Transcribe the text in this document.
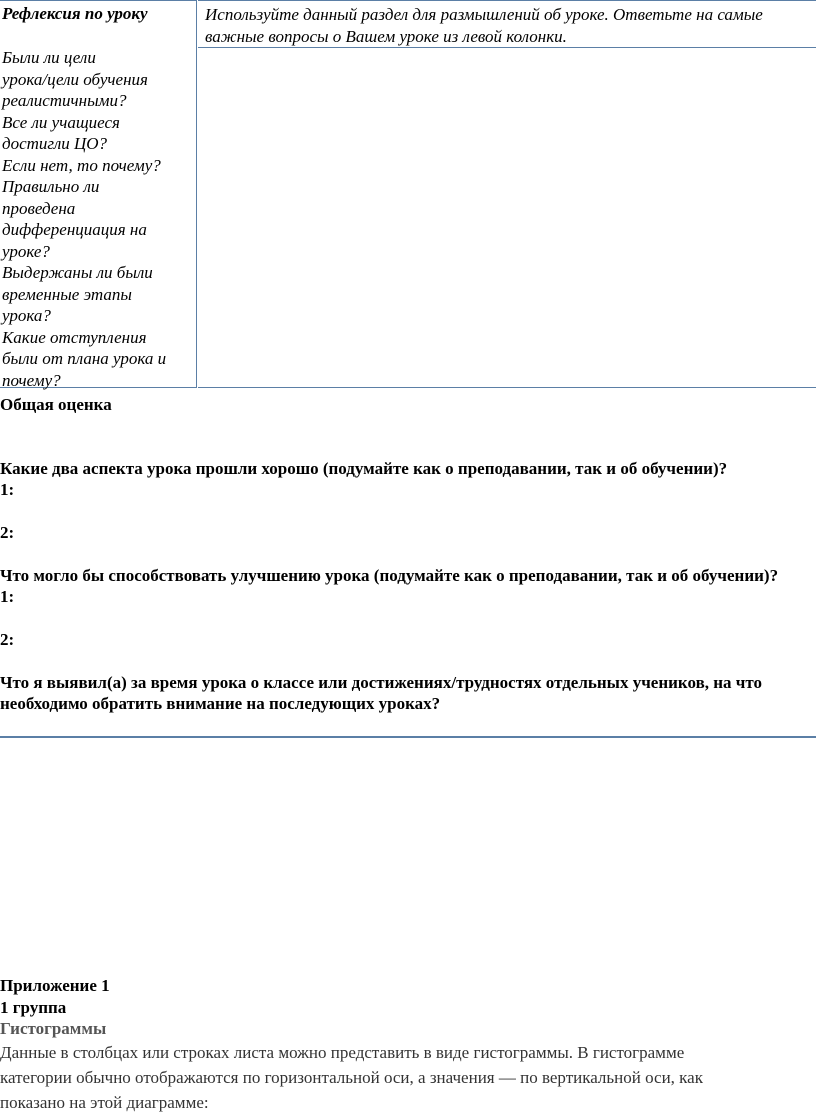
Рефлексия по уроку
Были ли цели
урока/цели обучения
реалистичными?
Все ли учащиеся
достигли ЦО?
Если нет, то почему?
Правильно ли
проведена
дифференциация на
уроке?
Выдержаны ли были
временные этапы
урока?
Какие отступления
были от плана урока и
почему?
Используйте данный раздел для размышлений об уроке. Ответьте на самые
важные вопросы о Вашем уроке из левой колонки.
Общая оценка
Какие два аспекта урока прошли хорошо (подумайте как о преподавании, так и об обучении)?
1:
2:
Что могло бы способствовать улучшению урока (подумайте как о преподавании, так и об обучении)?
1:
2:
Что я выявил(а) за время урока о классе или достижениях/трудностях отдельных учеников, на что
необходимо обратить внимание на последующих уроках?
Приложение 1
1 группа
Гистограммы
Данные в столбцах или строках листа можно представить в виде гистограммы. В гистограмме
категории обычно отображаются по горизонтальной оси, а значения — по вертикальной оси, как
показано на этой диаграмме:
